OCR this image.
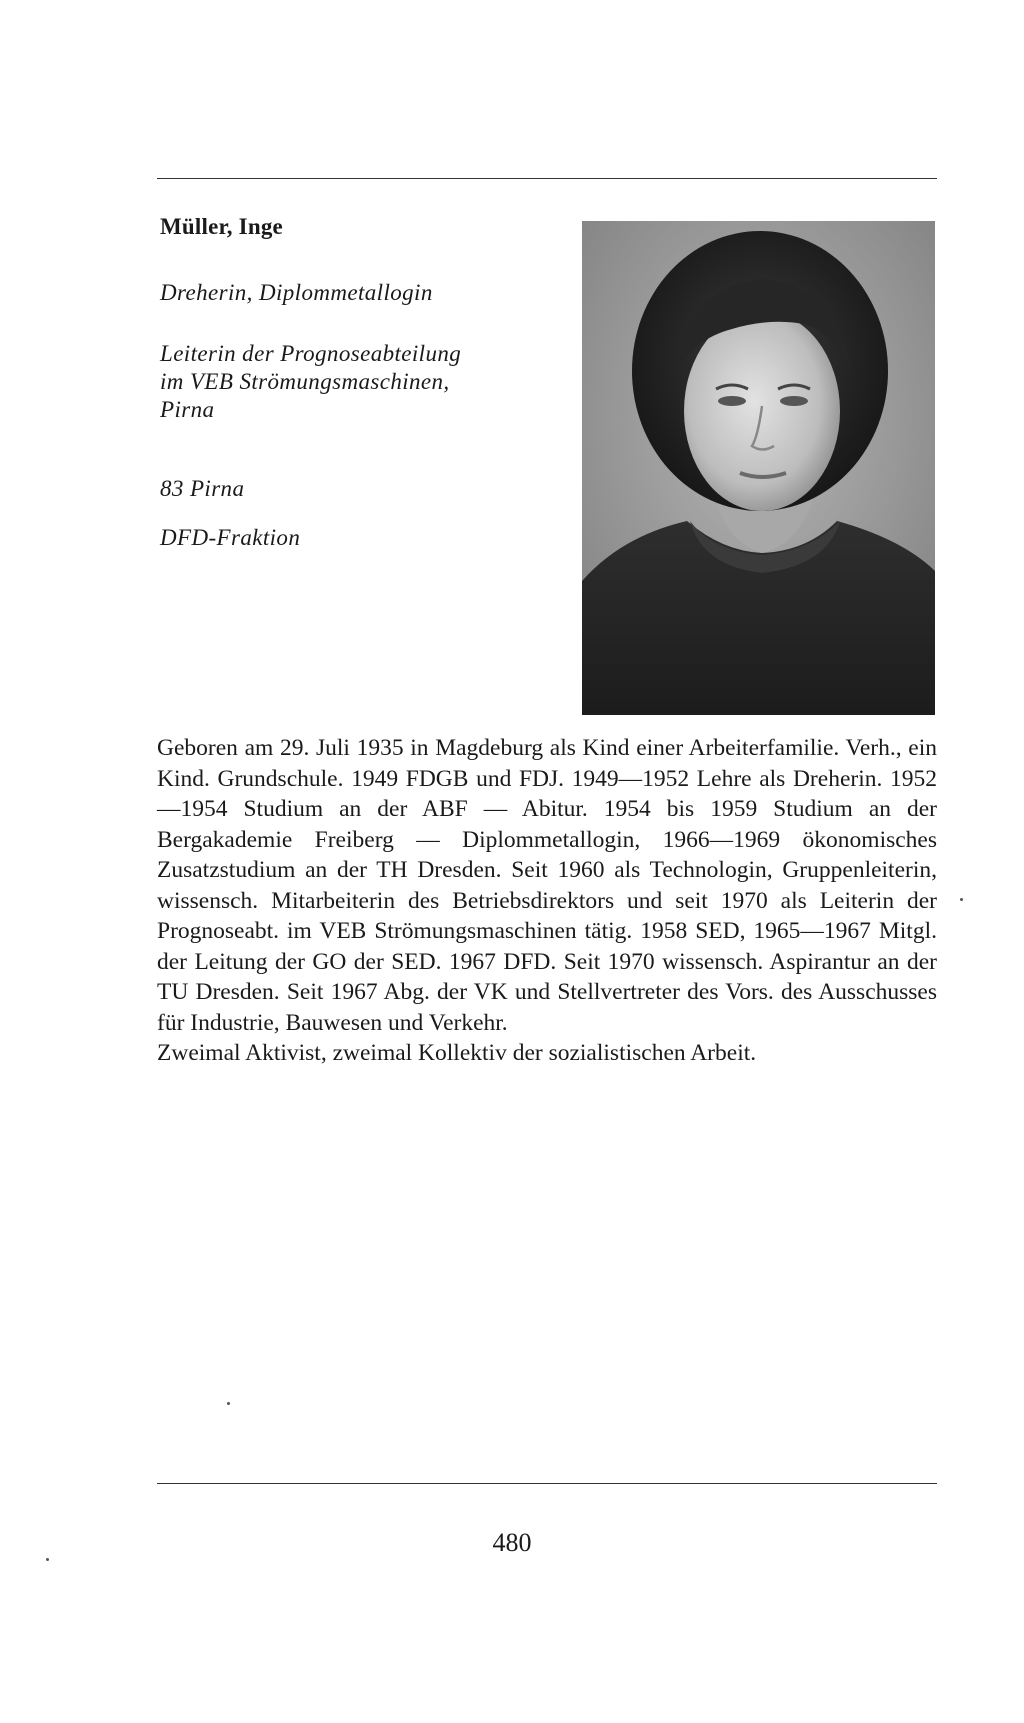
Müller, Inge
Dreherin, Diplommetallogin
Leiterin der Prognoseabteilung
im VEB Strömungsmaschinen,
Pirna
83 Pirna
DFD-Fraktion

Geboren am 29. Juli 1935 in Magdeburg als Kind einer Arbeiterfamilie. Verh., ein Kind. Grundschule. 1949 FDGB und FDJ. 1949—1952 Lehre als Dreherin. 1952—1954 Studium an der ABF — Abitur. 1954 bis 1959 Studium an der Bergakademie Freiberg — Diplommetallogin, 1966—1969 ökonomisches Zusatzstudium an der TH Dresden. Seit 1960 als Technologin, Gruppenleiterin, wissensch. Mitarbeiterin des Betriebsdirektors und seit 1970 als Leiterin der Prognoseabt. im VEB Strömungsmaschinen tätig. 1958 SED, 1965—1967 Mitgl. der Leitung der GO der SED. 1967 DFD. Seit 1970 wissensch. Aspirantur an der TU Dresden. Seit 1967 Abg. der VK und Stellvertreter des Vors. des Ausschusses für Industrie, Bauwesen und Verkehr.

Zweimal Aktivist, zweimal Kollektiv der sozialistischen Arbeit.

480
